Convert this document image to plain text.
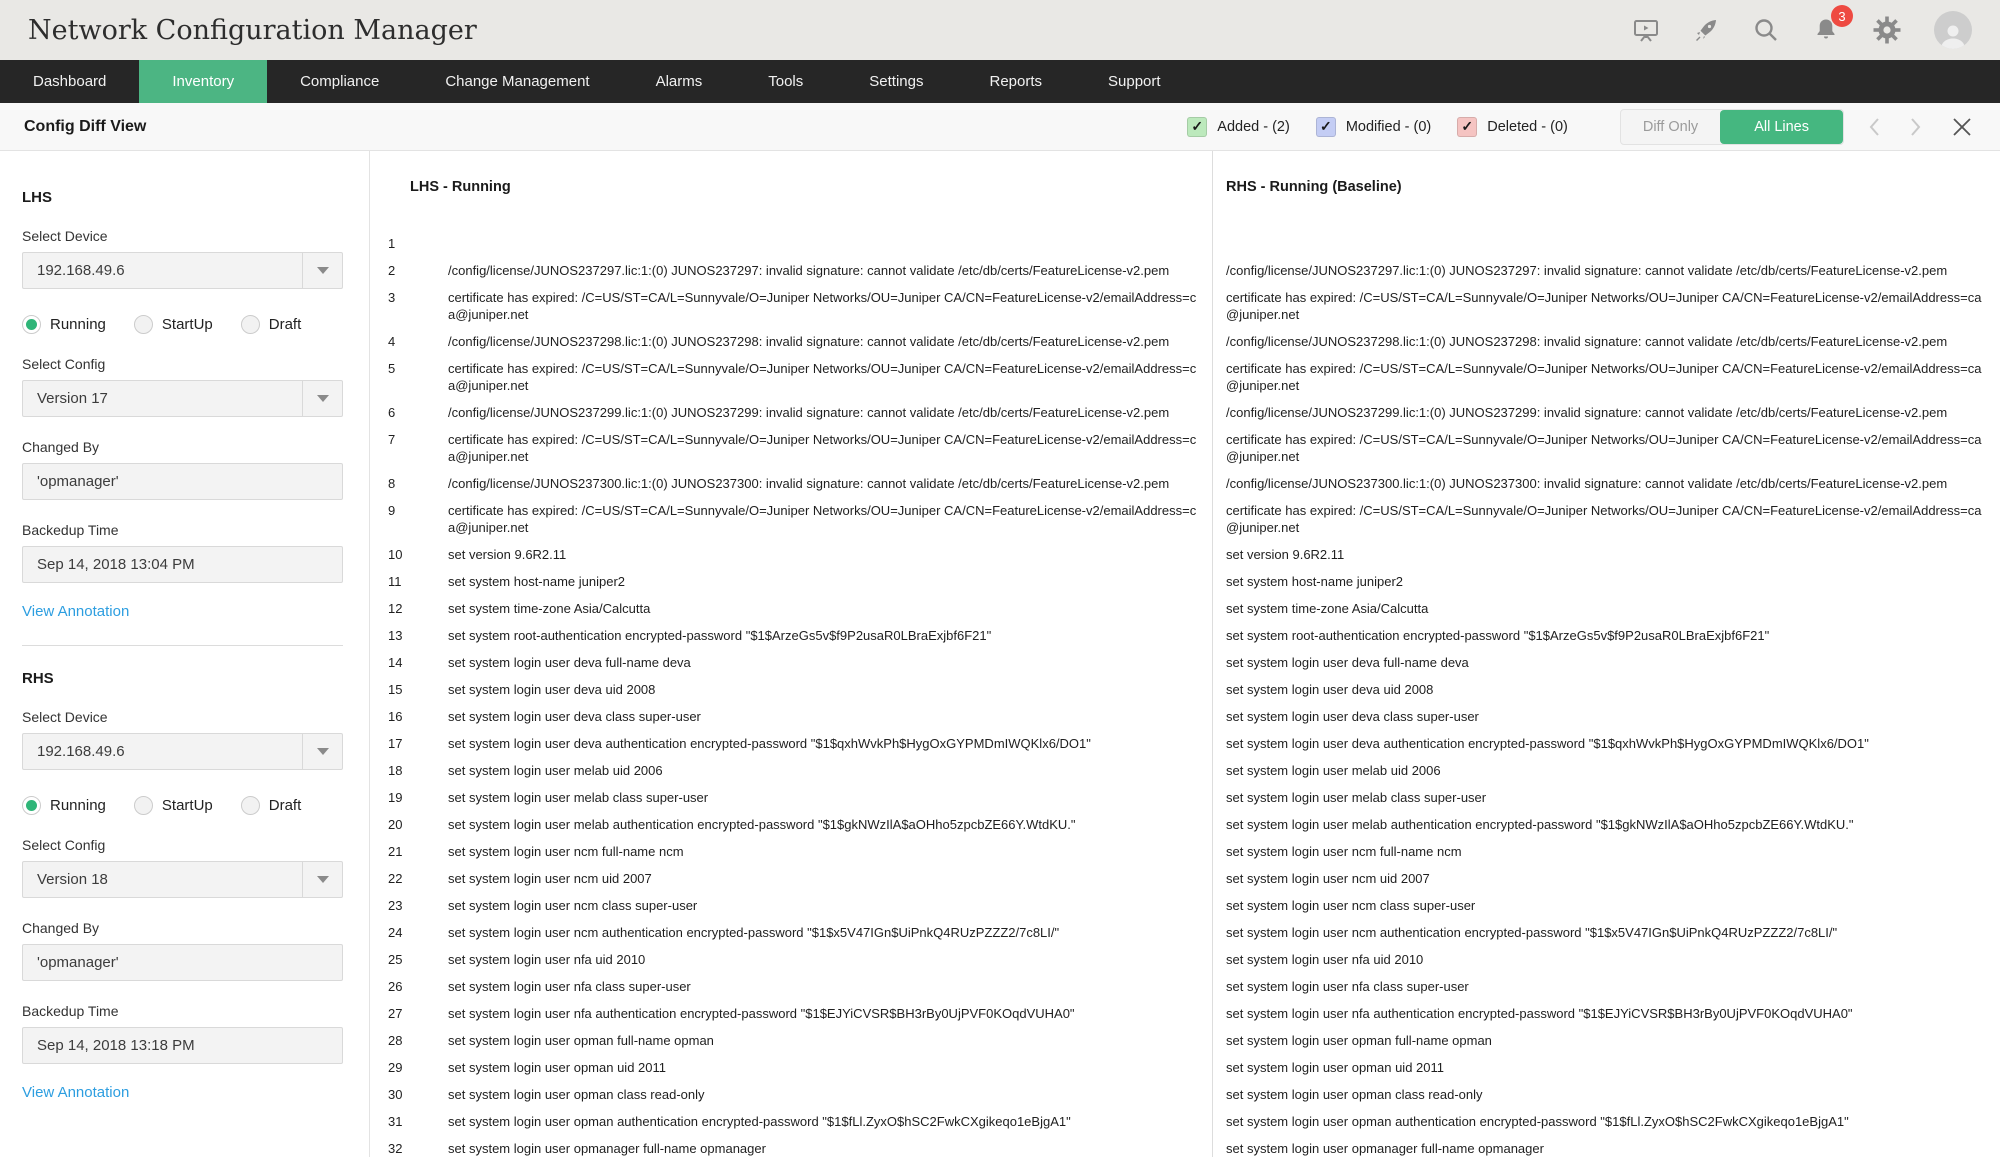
Network Configuration Manager	3
Dashboard	Inventory	Compliance	Change Management	Alarms	Tools	Settings	Reports	Support
Config Diff View	✓ Added - (2) ✓ Modified - (0) ✓ Deleted - (0)	Diff Only	All Lines
LHS
Select Device
192.168.49.6
Running	StartUp	Draft
Select Config
Version 17
Changed By
'opmanager'
Backedup Time
Sep 14, 2018 13:04 PM
View Annotation
RHS
Select Device
192.168.49.6
Running	StartUp	Draft
Select Config
Version 18
Changed By
'opmanager'
Backedup Time
Sep 14, 2018 13:18 PM
View Annotation
LHS - Running
1
2	/config/license/JUNOS237297.lic:1:(0) JUNOS237297: invalid signature: cannot validate /etc/db/certs/FeatureLicense-v2.pem
3	certificate has expired: /C=US/ST=CA/L=Sunnyvale/O=Juniper Networks/OU=Juniper CA/CN=FeatureLicense-v2/emailAddress=ca@juniper.net
4	/config/license/JUNOS237298.lic:1:(0) JUNOS237298: invalid signature: cannot validate /etc/db/certs/FeatureLicense-v2.pem
5	certificate has expired: /C=US/ST=CA/L=Sunnyvale/O=Juniper Networks/OU=Juniper CA/CN=FeatureLicense-v2/emailAddress=ca@juniper.net
6	/config/license/JUNOS237299.lic:1:(0) JUNOS237299: invalid signature: cannot validate /etc/db/certs/FeatureLicense-v2.pem
7	certificate has expired: /C=US/ST=CA/L=Sunnyvale/O=Juniper Networks/OU=Juniper CA/CN=FeatureLicense-v2/emailAddress=ca@juniper.net
8	/config/license/JUNOS237300.lic:1:(0) JUNOS237300: invalid signature: cannot validate /etc/db/certs/FeatureLicense-v2.pem
9	certificate has expired: /C=US/ST=CA/L=Sunnyvale/O=Juniper Networks/OU=Juniper CA/CN=FeatureLicense-v2/emailAddress=ca@juniper.net
10	set version 9.6R2.11
11	set system host-name juniper2
12	set system time-zone Asia/Calcutta
13	set system root-authentication encrypted-password "$1$ArzeGs5v$f9P2usaR0LBraExjbf6F21"
14	set system login user deva full-name deva
15	set system login user deva uid 2008
16	set system login user deva class super-user
17	set system login user deva authentication encrypted-password "$1$qxhWvkPh$HygOxGYPMDmIWQKlx6/DO1"
18	set system login user melab uid 2006
19	set system login user melab class super-user
20	set system login user melab authentication encrypted-password "$1$gkNWzIlA$aOHho5zpcbZE66Y.WtdKU."
21	set system login user ncm full-name ncm
22	set system login user ncm uid 2007
23	set system login user ncm class super-user
24	set system login user ncm authentication encrypted-password "$1$x5V47IGn$UiPnkQ4RUzPZZZ2/7c8LI/"
25	set system login user nfa uid 2010
26	set system login user nfa class super-user
27	set system login user nfa authentication encrypted-password "$1$EJYiCVSR$BH3rBy0UjPVF0KOqdVUHA0"
28	set system login user opman full-name opman
29	set system login user opman uid 2011
30	set system login user opman class read-only
31	set system login user opman authentication encrypted-password "$1$fLl.ZyxO$hSC2FwkCXgikeqo1eBjgA1"
32	set system login user opmanager full-name opmanager
RHS - Running (Baseline)
/config/license/JUNOS237297.lic:1:(0) JUNOS237297: invalid signature: cannot validate /etc/db/certs/FeatureLicense-v2.pem
certificate has expired: /C=US/ST=CA/L=Sunnyvale/O=Juniper Networks/OU=Juniper CA/CN=FeatureLicense-v2/emailAddress=ca@juniper.net
/config/license/JUNOS237298.lic:1:(0) JUNOS237298: invalid signature: cannot validate /etc/db/certs/FeatureLicense-v2.pem
certificate has expired: /C=US/ST=CA/L=Sunnyvale/O=Juniper Networks/OU=Juniper CA/CN=FeatureLicense-v2/emailAddress=ca@juniper.net
/config/license/JUNOS237299.lic:1:(0) JUNOS237299: invalid signature: cannot validate /etc/db/certs/FeatureLicense-v2.pem
certificate has expired: /C=US/ST=CA/L=Sunnyvale/O=Juniper Networks/OU=Juniper CA/CN=FeatureLicense-v2/emailAddress=ca@juniper.net
/config/license/JUNOS237300.lic:1:(0) JUNOS237300: invalid signature: cannot validate /etc/db/certs/FeatureLicense-v2.pem
certificate has expired: /C=US/ST=CA/L=Sunnyvale/O=Juniper Networks/OU=Juniper CA/CN=FeatureLicense-v2/emailAddress=ca@juniper.net
set version 9.6R2.11
set system host-name juniper2
set system time-zone Asia/Calcutta
set system root-authentication encrypted-password "$1$ArzeGs5v$f9P2usaR0LBraExjbf6F21"
set system login user deva full-name deva
set system login user deva uid 2008
set system login user deva class super-user
set system login user deva authentication encrypted-password "$1$qxhWvkPh$HygOxGYPMDmIWQKlx6/DO1"
set system login user melab uid 2006
set system login user melab class super-user
set system login user melab authentication encrypted-password "$1$gkNWzIlA$aOHho5zpcbZE66Y.WtdKU."
set system login user ncm full-name ncm
set system login user ncm uid 2007
set system login user ncm class super-user
set system login user ncm authentication encrypted-password "$1$x5V47IGn$UiPnkQ4RUzPZZZ2/7c8LI/"
set system login user nfa uid 2010
set system login user nfa class super-user
set system login user nfa authentication encrypted-password "$1$EJYiCVSR$BH3rBy0UjPVF0KOqdVUHA0"
set system login user opman full-name opman
set system login user opman uid 2011
set system login user opman class read-only
set system login user opman authentication encrypted-password "$1$fLl.ZyxO$hSC2FwkCXgikeqo1eBjgA1"
set system login user opmanager full-name opmanager
